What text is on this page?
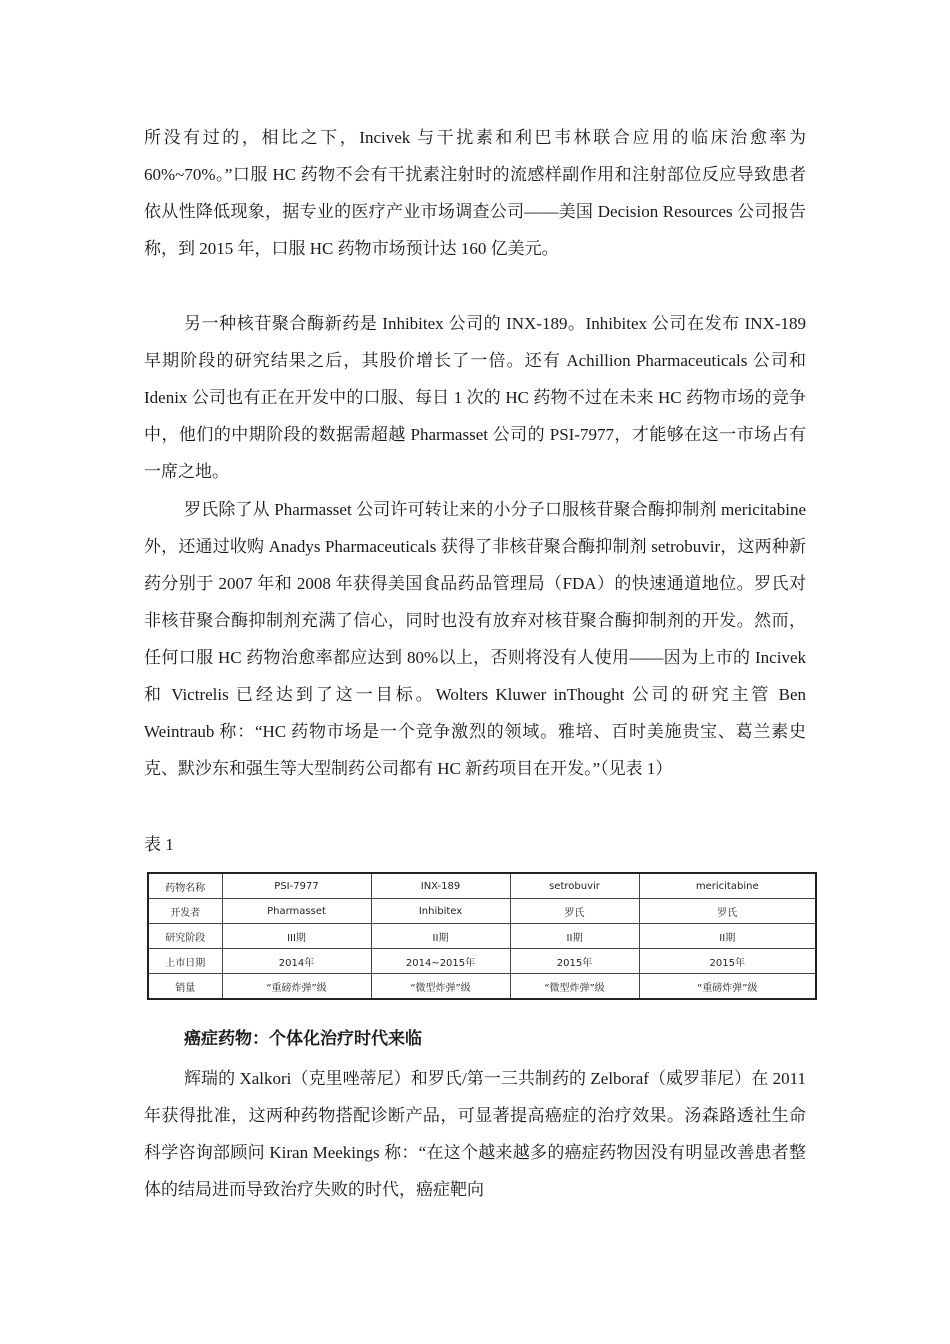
所没有过的，相比之下，Incivek 与干扰素和利巴韦林联合应用的临床治愈率为 60%~70%。”口服 HC 药物不会有干扰素注射时的流感样副作用和注射部位反应导致患者依从性降低现象，据专业的医疗产业市场调查公司——美国 Decision Resources 公司报告称，到 2015 年，口服 HC 药物市场预计达 160 亿美元。
另一种核苷聚合酶新药是 Inhibitex 公司的 INX-189。Inhibitex 公司在发布 INX-189 早期阶段的研究结果之后，其股价增长了一倍。还有 Achillion Pharmaceuticals 公司和 Idenix 公司也有正在开发中的口服、每日 1 次的 HC 药物不过在未来 HC 药物市场的竞争中，他们的中期阶段的数据需超越 Pharmasset 公司的 PSI-7977，才能够在这一市场占有一席之地。
罗氏除了从 Pharmasset 公司许可转让来的小分子口服核苷聚合酶抑制剂 mericitabine 外，还通过收购 Anadys Pharmaceuticals 获得了非核苷聚合酶抑制剂 setrobuvir，这两种新药分别于 2007 年和 2008 年获得美国食品药品管理局（FDA）的快速通道地位。罗氏对非核苷聚合酶抑制剂充满了信心，同时也没有放弃对核苷聚合酶抑制剂的开发。然而，任何口服 HC 药物治愈率都应达到 80%以上，否则将没有人使用——因为上市的 Incivek 和 Victrelis 已经达到了这一目标。Wolters Kluwer inThought 公司的研究主管 Ben Weintraub 称：“HC 药物市场是一个竞争激烈的领域。雅培、百时美施贵宝、葛兰素史克、默沙东和强生等大型制药公司都有 HC 新药项目在开发。”（见表 1）
表 1
药物名称	PSI-7977	INX-189	setrobuvir	mericitabine
开发者	Pharmasset	Inhibitex	罗氏	罗氏
研究阶段	III期	II期	II期	II期
上市日期	2014年	2014~2015年	2015年	2015年
销量	“重磅炸弹”级	“微型炸弹”级	“微型炸弹”级	“重磅炸弹”级
癌症药物：个体化治疗时代来临
辉瑞的 Xalkori（克里唑蒂尼）和罗氏/第一三共制药的 Zelboraf（威罗菲尼）在 2011 年获得批准，这两种药物搭配诊断产品，可显著提高癌症的治疗效果。汤森路透社生命科学咨询部顾问 Kiran Meekings 称：“在这个越来越多的癌症药物因没有明显改善患者整体的结局进而导致治疗失败的时代，癌症靶向
